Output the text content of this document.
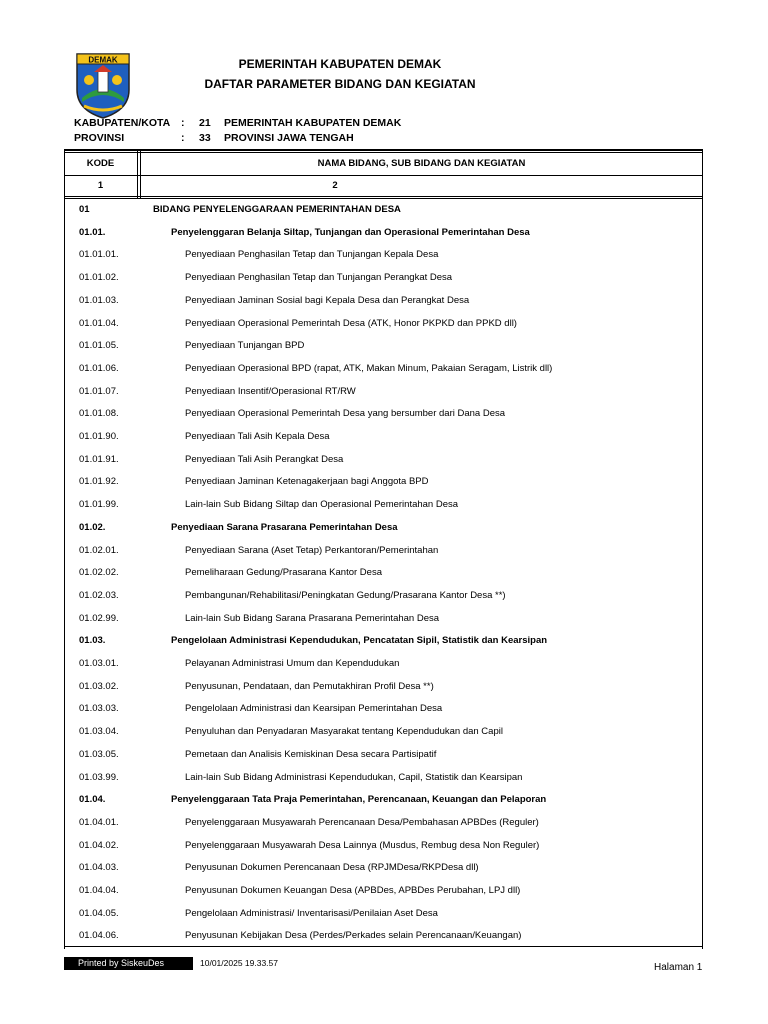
DEMAK	PEMERINTAH KABUPATEN DEMAK
DAFTAR PARAMETER BIDANG DAN KEGIATAN
KABUPATEN/KOTA : 21 PEMERINTAH KABUPATEN DEMAK
PROVINSI	: 33 PROVINSI JAWA TENGAH
KODE	NAMA BIDANG, SUB BIDANG DAN KEGIATAN
1	2
01	BIDANG PENYELENGGARAAN PEMERINTAHAN DESA
01.01.	Penyelenggaran Belanja Siltap, Tunjangan dan Operasional Pemerintahan Desa
01.01.01.	Penyediaan Penghasilan Tetap dan Tunjangan Kepala Desa
01.01.02.	Penyediaan Penghasilan Tetap dan Tunjangan Perangkat Desa
01.01.03.	Penyediaan Jaminan Sosial bagi Kepala Desa dan Perangkat Desa
01.01.04.	Penyediaan Operasional Pemerintah Desa (ATK, Honor PKPKD dan PPKD dll)
01.01.05.	Penyediaan Tunjangan BPD
01.01.06.	Penyediaan Operasional BPD (rapat, ATK, Makan Minum, Pakaian Seragam, Listrik dll)
01.01.07.	Penyediaan Insentif/Operasional RT/RW
01.01.08.	Penyediaan Operasional Pemerintah Desa yang bersumber dari Dana Desa
01.01.90.	Penyediaan Tali Asih Kepala Desa
01.01.91.	Penyediaan Tali Asih Perangkat Desa
01.01.92.	Penyediaan Jaminan Ketenagakerjaan bagi Anggota BPD
01.01.99.	Lain-lain Sub Bidang Siltap dan Operasional Pemerintahan Desa
01.02.	Penyediaan Sarana Prasarana Pemerintahan Desa
01.02.01.	Penyediaan Sarana (Aset Tetap) Perkantoran/Pemerintahan
01.02.02.	Pemeliharaan Gedung/Prasarana Kantor Desa
01.02.03.	Pembangunan/Rehabilitasi/Peningkatan Gedung/Prasarana Kantor Desa **)
01.02.99.	Lain-lain Sub Bidang Sarana Prasarana Pemerintahan Desa
01.03.	Pengelolaan Administrasi Kependudukan, Pencatatan Sipil, Statistik dan Kearsipan
01.03.01.	Pelayanan Administrasi Umum dan Kependudukan
01.03.02.	Penyusunan, Pendataan, dan Pemutakhiran Profil Desa **)
01.03.03.	Pengelolaan Administrasi dan Kearsipan Pemerintahan Desa
01.03.04.	Penyuluhan dan Penyadaran Masyarakat tentang Kependudukan dan Capil
01.03.05.	Pemetaan dan Analisis Kemiskinan Desa secara Partisipatif
01.03.99.	Lain-lain Sub Bidang Administrasi Kependudukan, Capil, Statistik dan Kearsipan
01.04.	Penyelenggaraan Tata Praja Pemerintahan, Perencanaan, Keuangan dan Pelaporan
01.04.01.	Penyelenggaraan Musyawarah Perencanaan Desa/Pembahasan APBDes (Reguler)
01.04.02.	Penyelenggaraan Musyawarah Desa Lainnya (Musdus, Rembug desa Non Reguler)
01.04.03.	Penyusunan Dokumen Perencanaan Desa (RPJMDesa/RKPDesa dll)
01.04.04.	Penyusunan Dokumen Keuangan Desa (APBDes, APBDes Perubahan, LPJ dll)
01.04.05.	Pengelolaan Administrasi/ Inventarisasi/Penilaian Aset Desa
01.04.06.	Penyusunan Kebijakan Desa (Perdes/Perkades selain Perencanaan/Keuangan)
Printed by SiskeuDes	10/01/2025 19.33.57	Halaman 1
